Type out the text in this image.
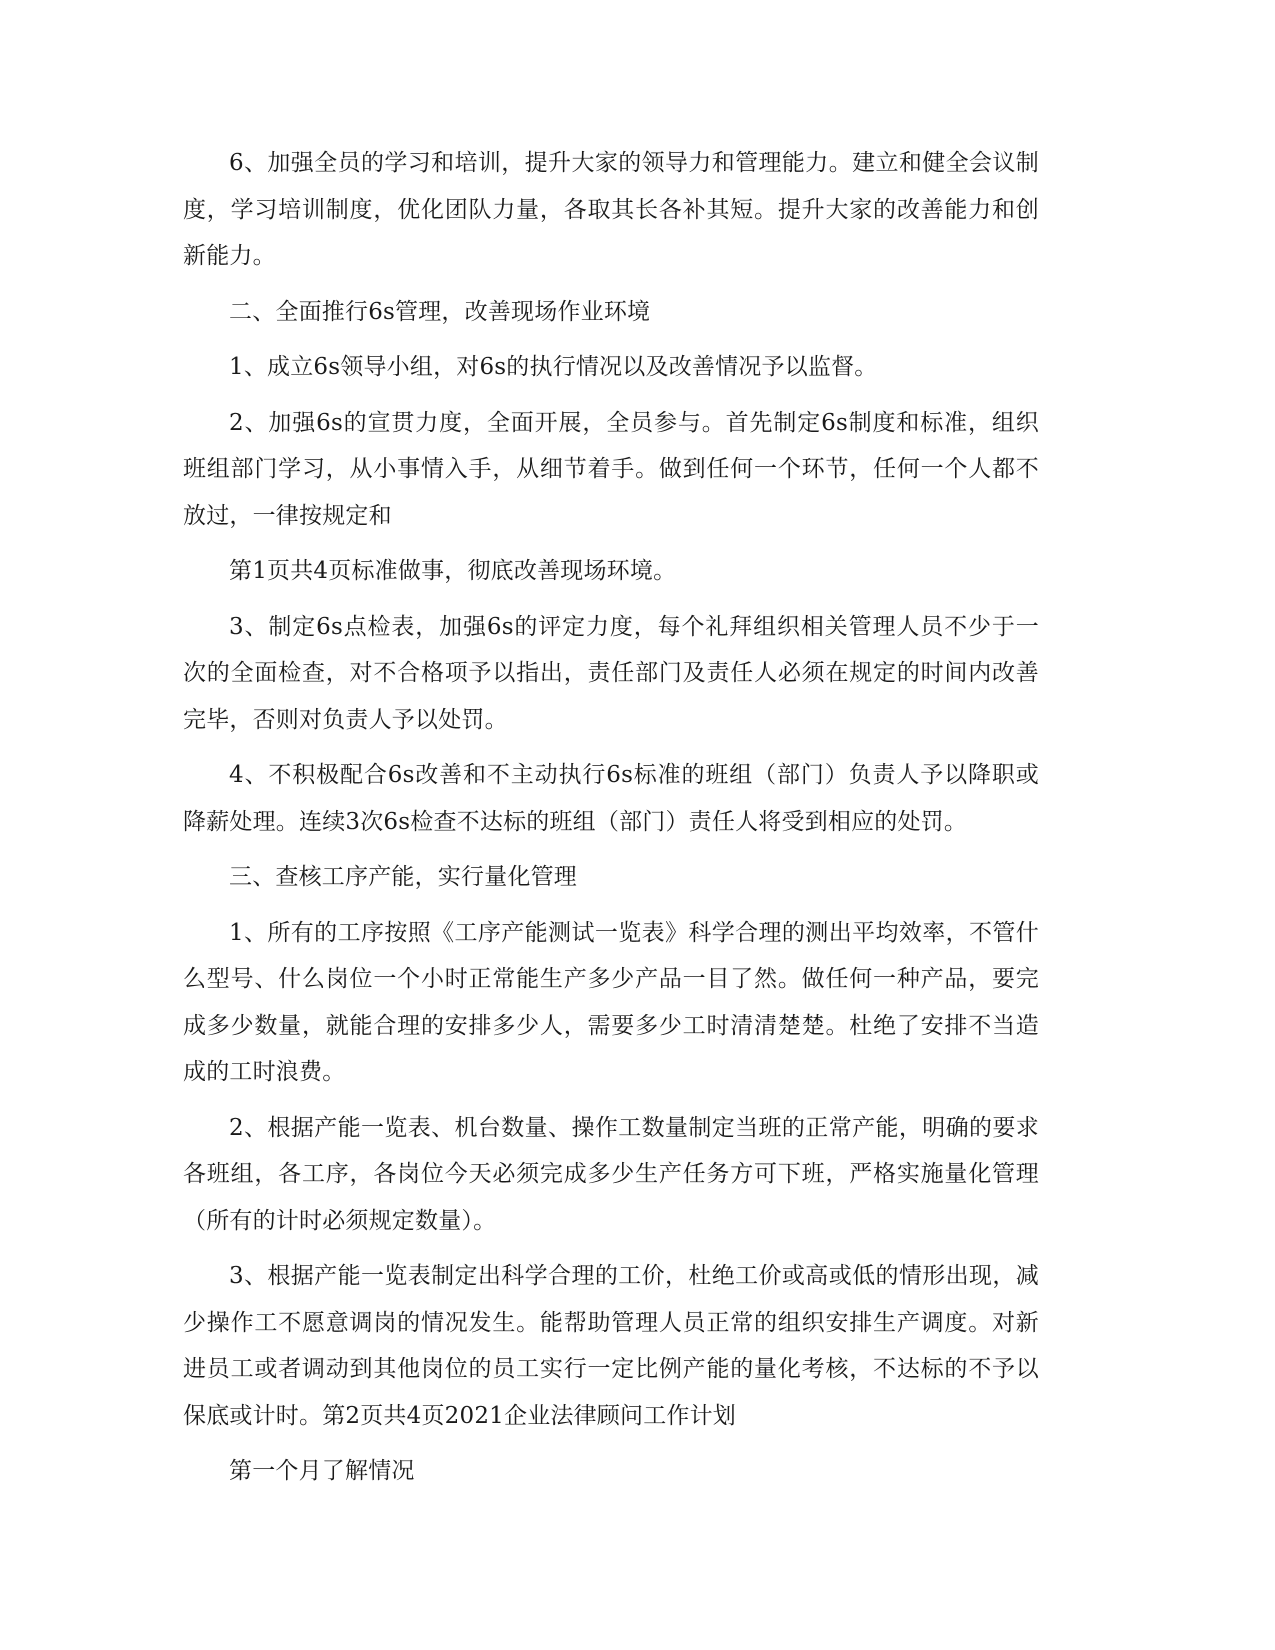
6、加强全员的学习和培训，提升大家的领导力和管理能力。建立和健全会议制度，学习培训制度，优化团队力量，各取其长各补其短。提升大家的改善能力和创新能力。

二、全面推行6s管理，改善现场作业环境

1、成立6s领导小组，对6s的执行情况以及改善情况予以监督。

2、加强6s的宣贯力度，全面开展，全员参与。首先制定6s制度和标准，组织班组部门学习，从小事情入手，从细节着手。做到任何一个环节，任何一个人都不放过，一律按规定和

第1页共4页标准做事，彻底改善现场环境。

3、制定6s点检表，加强6s的评定力度，每个礼拜组织相关管理人员不少于一次的全面检查，对不合格项予以指出，责任部门及责任人必须在规定的时间内改善完毕，否则对负责人予以处罚。

4、不积极配合6s改善和不主动执行6s标准的班组（部门）负责人予以降职或降薪处理。连续3次6s检查不达标的班组（部门）责任人将受到相应的处罚。

三、查核工序产能，实行量化管理

1、所有的工序按照《工序产能测试一览表》科学合理的测出平均效率，不管什么型号、什么岗位一个小时正常能生产多少产品一目了然。做任何一种产品，要完成多少数量，就能合理的安排多少人，需要多少工时清清楚楚。杜绝了安排不当造成的工时浪费。

2、根据产能一览表、机台数量、操作工数量制定当班的正常产能，明确的要求各班组，各工序，各岗位今天必须完成多少生产任务方可下班，严格实施量化管理（所有的计时必须规定数量）。

3、根据产能一览表制定出科学合理的工价，杜绝工价或高或低的情形出现，减少操作工不愿意调岗的情况发生。能帮助管理人员正常的组织安排生产调度。对新进员工或者调动到其他岗位的员工实行一定比例产能的量化考核，不达标的不予以保底或计时。第2页共4页2021企业法律顾问工作计划

第一个月了解情况
